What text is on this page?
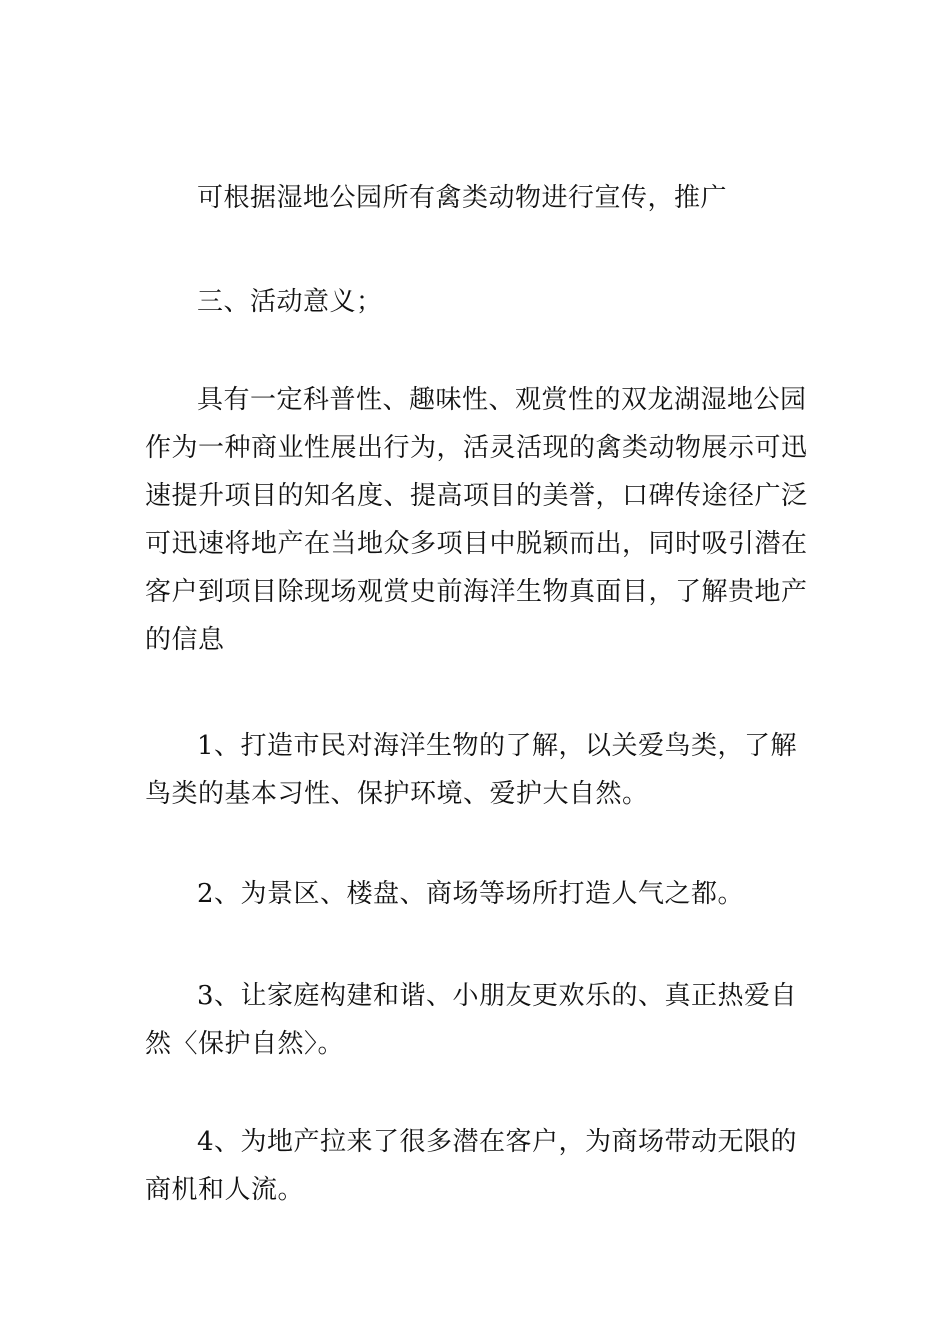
可根据湿地公园所有禽类动物进行宣传，推广

三、活动意义；

具有一定科普性、趣味性、观赏性的双龙湖湿地公园作为一种商业性展出行为，活灵活现的禽类动物展示可迅速提升项目的知名度、提高项目的美誉，口碑传途径广泛可迅速将地产在当地众多项目中脱颖而出，同时吸引潜在客户到项目除现场观赏史前海洋生物真面目，了解贵地产的信息

1、打造市民对海洋生物的了解，以关爱鸟类，了解鸟类的基本习性、保护环境、爱护大自然。

2、为景区、楼盘、商场等场所打造人气之都。

3、让家庭构建和谐、小朋友更欢乐的、真正热爱自然〈保护自然〉。

4、为地产拉来了很多潜在客户，为商场带动无限的商机和人流。
